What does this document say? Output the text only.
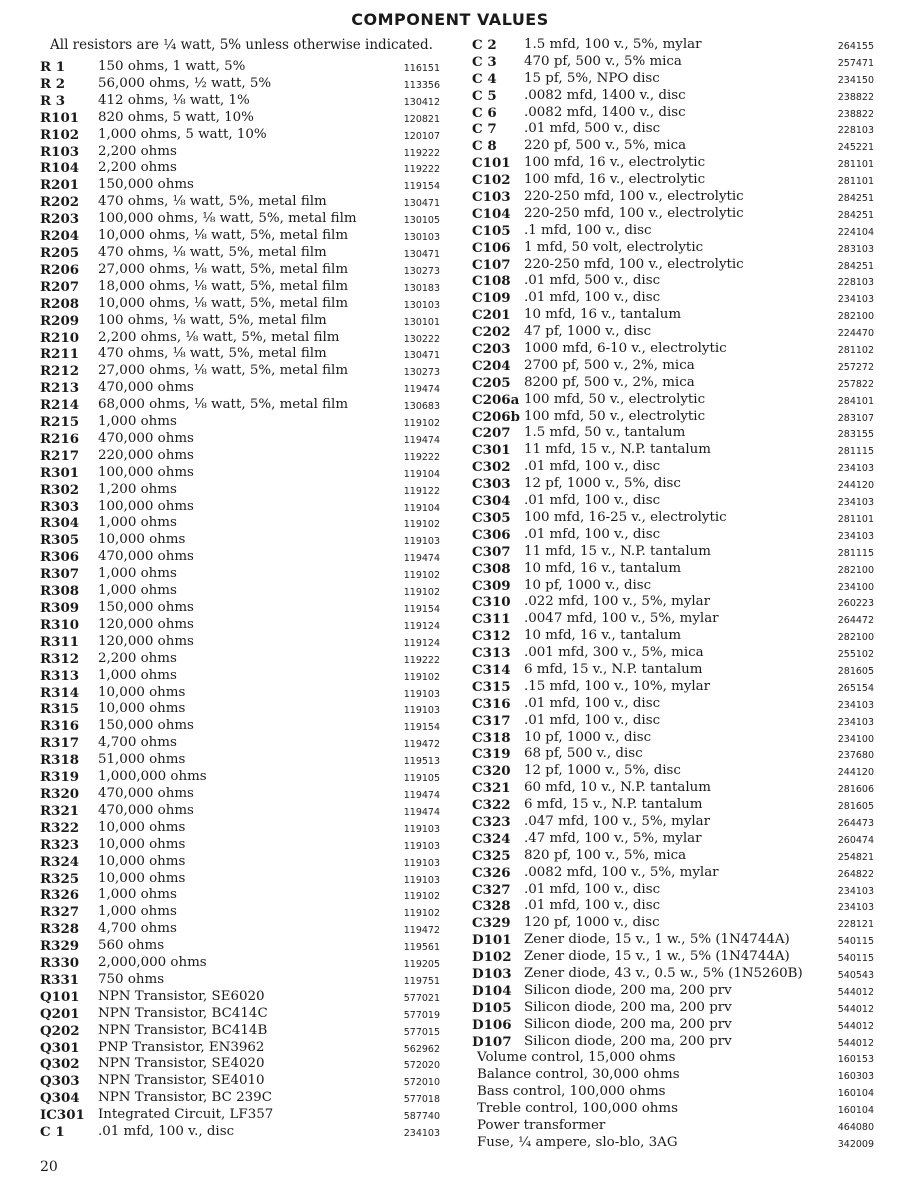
COMPONENT VALUES
All resistors are ¼ watt, 5% unless otherwise indicated.
R 1	150 ohms, 1 watt, 5%	116151
R 2	56,000 ohms, ½ watt, 5%	113356
R 3	412 ohms, ⅛ watt, 1%	130412
R101	820 ohms, 5 watt, 10%	120821
R102	1,000 ohms, 5 watt, 10%	120107
R103	2,200 ohms	119222
R104	2,200 ohms	119222
R201	150,000 ohms	119154
R202	470 ohms, ⅛ watt, 5%, metal film	130471
R203	100,000 ohms, ⅛ watt, 5%, metal film	130105
R204	10,000 ohms, ⅛ watt, 5%, metal film	130103
R205	470 ohms, ⅛ watt, 5%, metal film	130471
R206	27,000 ohms, ⅛ watt, 5%, metal film	130273
R207	18,000 ohms, ⅛ watt, 5%, metal film	130183
R208	10,000 ohms, ⅛ watt, 5%, metal film	130103
R209	100 ohms, ⅛ watt, 5%, metal film	130101
R210	2,200 ohms, ⅛ watt, 5%, metal film	130222
R211	470 ohms, ⅛ watt, 5%, metal film	130471
R212	27,000 ohms, ⅛ watt, 5%, metal film	130273
R213	470,000 ohms	119474
R214	68,000 ohms, ⅛ watt, 5%, metal film	130683
R215	1,000 ohms	119102
R216	470,000 ohms	119474
R217	220,000 ohms	119222
R301	100,000 ohms	119104
R302	1,200 ohms	119122
R303	100,000 ohms	119104
R304	1,000 ohms	119102
R305	10,000 ohms	119103
R306	470,000 ohms	119474
R307	1,000 ohms	119102
R308	1,000 ohms	119102
R309	150,000 ohms	119154
R310	120,000 ohms	119124
R311	120,000 ohms	119124
R312	2,200 ohms	119222
R313	1,000 ohms	119102
R314	10,000 ohms	119103
R315	10,000 ohms	119103
R316	150,000 ohms	119154
R317	4,700 ohms	119472
R318	51,000 ohms	119513
R319	1,000,000 ohms	119105
R320	470,000 ohms	119474
R321	470,000 ohms	119474
R322	10,000 ohms	119103
R323	10,000 ohms	119103
R324	10,000 ohms	119103
R325	10,000 ohms	119103
R326	1,000 ohms	119102
R327	1,000 ohms	119102
R328	4,700 ohms	119472
R329	560 ohms	119561
R330	2,000,000 ohms	119205
R331	750 ohms	119751
Q101	NPN Transistor, SE6020	577021
Q201	NPN Transistor, BC414C	577019
Q202	NPN Transistor, BC414B	577015
Q301	PNP Transistor, EN3962	562962
Q302	NPN Transistor, SE4020	572020
Q303	NPN Transistor, SE4010	572010
Q304	NPN Transistor, BC 239C	577018
IC301 Integrated Circuit, LF357	587740
C 1	.01 mfd, 100 v., disc	234103
C 2	1.5 mfd, 100 v., 5%, mylar	264155
C 3	470 pf, 500 v., 5% mica	257471
C 4	15 pf, 5%, NPO disc	234150
C 5	.0082 mfd, 1400 v., disc	238822
C 6	.0082 mfd, 1400 v., disc	238822
C 7	.01 mfd, 500 v., disc	228103
C 8	220 pf, 500 v., 5%, mica	245221
C101 100 mfd, 16 v., electrolytic	281101
C102 100 mfd, 16 v., electrolytic	281101
C103 220-250 mfd, 100 v., electrolytic	284251
C104 220-250 mfd, 100 v., electrolytic	284251
C105 .1 mfd, 100 v., disc	224104
C106 1 mfd, 50 volt, electrolytic	283103
C107 220-250 mfd, 100 v., electrolytic	284251
C108 .01 mfd, 500 v., disc	228103
C109 .01 mfd, 100 v., disc	234103
C201 10 mfd, 16 v., tantalum	282100
C202 47 pf, 1000 v., disc	224470
C203 1000 mfd, 6-10 v., electrolytic	281102
C204 2700 pf, 500 v., 2%, mica	257272
C205 8200 pf, 500 v., 2%, mica	257822
C206a 100 mfd, 50 v., electrolytic	284101
C206b 100 mfd, 50 v., electrolytic	283107
C207 1.5 mfd, 50 v., tantalum	283155
C301 11 mfd, 15 v., N.P. tantalum	281115
C302 .01 mfd, 100 v., disc	234103
C303 12 pf, 1000 v., 5%, disc	244120
C304 .01 mfd, 100 v., disc	234103
C305 100 mfd, 16-25 v., electrolytic	281101
C306 .01 mfd, 100 v., disc	234103
C307 11 mfd, 15 v., N.P. tantalum	281115
C308 10 mfd, 16 v., tantalum	282100
C309 10 pf, 1000 v., disc	234100
C310 .022 mfd, 100 v., 5%, mylar	260223
C311 .0047 mfd, 100 v., 5%, mylar	264472
C312 10 mfd, 16 v., tantalum	282100
C313 .001 mfd, 300 v., 5%, mica	255102
C314 6 mfd, 15 v., N.P. tantalum	281605
C315 .15 mfd, 100 v., 10%, mylar	265154
C316 .01 mfd, 100 v., disc	234103
C317 .01 mfd, 100 v., disc	234103
C318 10 pf, 1000 v., disc	234100
C319 68 pf, 500 v., disc	237680
C320 12 pf, 1000 v., 5%, disc	244120
C321 60 mfd, 10 v., N.P. tantalum	281606
C322 6 mfd, 15 v., N.P. tantalum	281605
C323 .047 mfd, 100 v., 5%, mylar	264473
C324 .47 mfd, 100 v., 5%, mylar	260474
C325 820 pf, 100 v., 5%, mica	254821
C326 .0082 mfd, 100 v., 5%, mylar	264822
C327 .01 mfd, 100 v., disc	234103
C328 .01 mfd, 100 v., disc	234103
C329 120 pf, 1000 v., disc	228121
D101 Zener diode, 15 v., 1 w., 5% (1N4744A)	540115
D102 Zener diode, 15 v., 1 w., 5% (1N4744A)	540115
D103 Zener diode, 43 v., 0.5 w., 5% (1N5260B)	540543
D104 Silicon diode, 200 ma, 200 prv	544012
D105 Silicon diode, 200 ma, 200 prv	544012
D106 Silicon diode, 200 ma, 200 prv	544012
D107 Silicon diode, 200 ma, 200 prv	544012
Volume control, 15,000 ohms	160153
Balance control, 30,000 ohms	160303
Bass control, 100,000 ohms	160104
Treble control, 100,000 ohms	160104
Power transformer	464080
Fuse, ¼ ampere, slo-blo, 3AG	342009
20
